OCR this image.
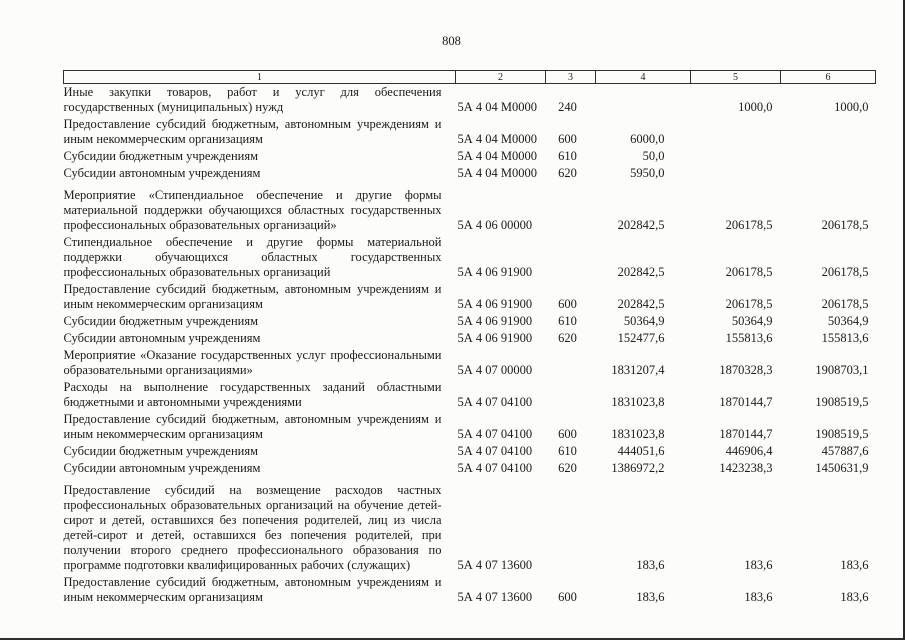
808
1	2	3	4	5	6
Иные закупки товаров, работ и услуг для обеспечения государственных (муниципальных) нужд	5А 4 04 М0000	240		1000,0	1000,0
Предоставление субсидий бюджетным, автономным учреждениям и иным некоммерческим организациям	5А 4 04 М0000	600	6000,0		
Субсидии бюджетным учреждениям	5А 4 04 М0000	610	50,0		
Субсидии автономным учреждениям	5А 4 04 М0000	620	5950,0		
Мероприятие «Стипендиальное обеспечение и другие формы материальной поддержки обучающихся областных государственных профессиональных образовательных организаций»	5А 4 06 00000		202842,5	206178,5	206178,5
Стипендиальное обеспечение и другие формы материальной поддержки обучающихся областных государственных профессиональных образовательных организаций	5А 4 06 91900		202842,5	206178,5	206178,5
Предоставление субсидий бюджетным, автономным учреждениям и иным некоммерческим организациям	5А 4 06 91900	600	202842,5	206178,5	206178,5
Субсидии бюджетным учреждениям	5А 4 06 91900	610	50364,9	50364,9	50364,9
Субсидии автономным учреждениям	5А 4 06 91900	620	152477,6	155813,6	155813,6
Мероприятие «Оказание государственных услуг профессиональными образовательными организациями»	5А 4 07 00000		1831207,4	1870328,3	1908703,1
Расходы на выполнение государственных заданий областными бюджетными и автономными учреждениями	5А 4 07 04100		1831023,8	1870144,7	1908519,5
Предоставление субсидий бюджетным, автономным учреждениям и иным некоммерческим организациям	5А 4 07 04100	600	1831023,8	1870144,7	1908519,5
Субсидии бюджетным учреждениям	5А 4 07 04100	610	444051,6	446906,4	457887,6
Субсидии автономным учреждениям	5А 4 07 04100	620	1386972,2	1423238,3	1450631,9
Предоставление субсидий на возмещение расходов частных профессиональных образовательных организаций на обучение детей-сирот и детей, оставшихся без попечения родителей, лиц из числа детей-сирот и детей, оставшихся без попечения родителей, при получении второго среднего профессионального образования по программе подготовки квалифицированных рабочих (служащих)	5А 4 07 13600		183,6	183,6	183,6
Предоставление субсидий бюджетным, автономным учреждениям и иным некоммерческим организациям	5А 4 07 13600	600	183,6	183,6	183,6
